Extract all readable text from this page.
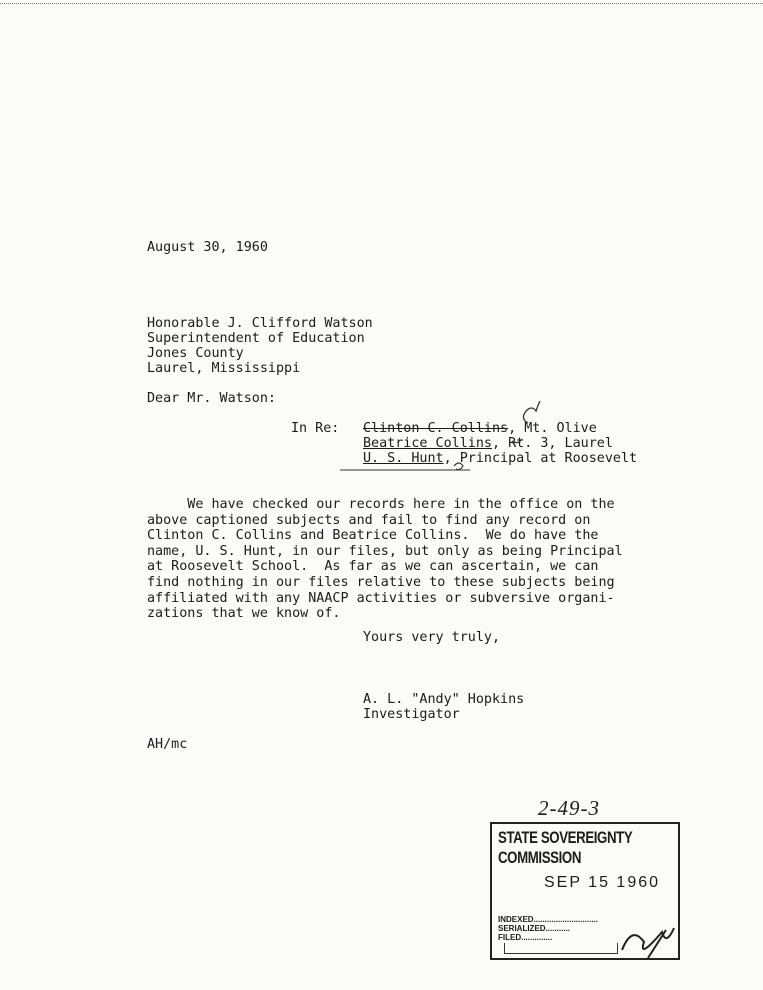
August 30, 1960
Honorable J. Clifford Watson
Superintendent of Education
Jones County
Laurel, Mississippi
Dear Mr. Watson:
In Re: Clinton C. Collins, Mt. Olive
Beatrice Collins, Rt. 3, Laurel
U. S. Hunt, Principal at Roosevelt
We have checked our records here in the office on the
above captioned subjects and fail to find any record on
Clinton C. Collins and Beatrice Collins.  We do have the
name, U. S. Hunt, in our files, but only as being Principal
at Roosevelt School.  As far as we can ascertain, we can
find nothing in our files relative to these subjects being
affiliated with any NAACP activities or subversive organi-
zations that we know of.
Yours very truly,
A. L. "Andy" Hopkins
Investigator
AH/mc
2-49-3
STATE SOVEREIGNTY COMMISSION
SEP 15 1960
INDEXED.............................
SERIALIZED...........
FILED..............
